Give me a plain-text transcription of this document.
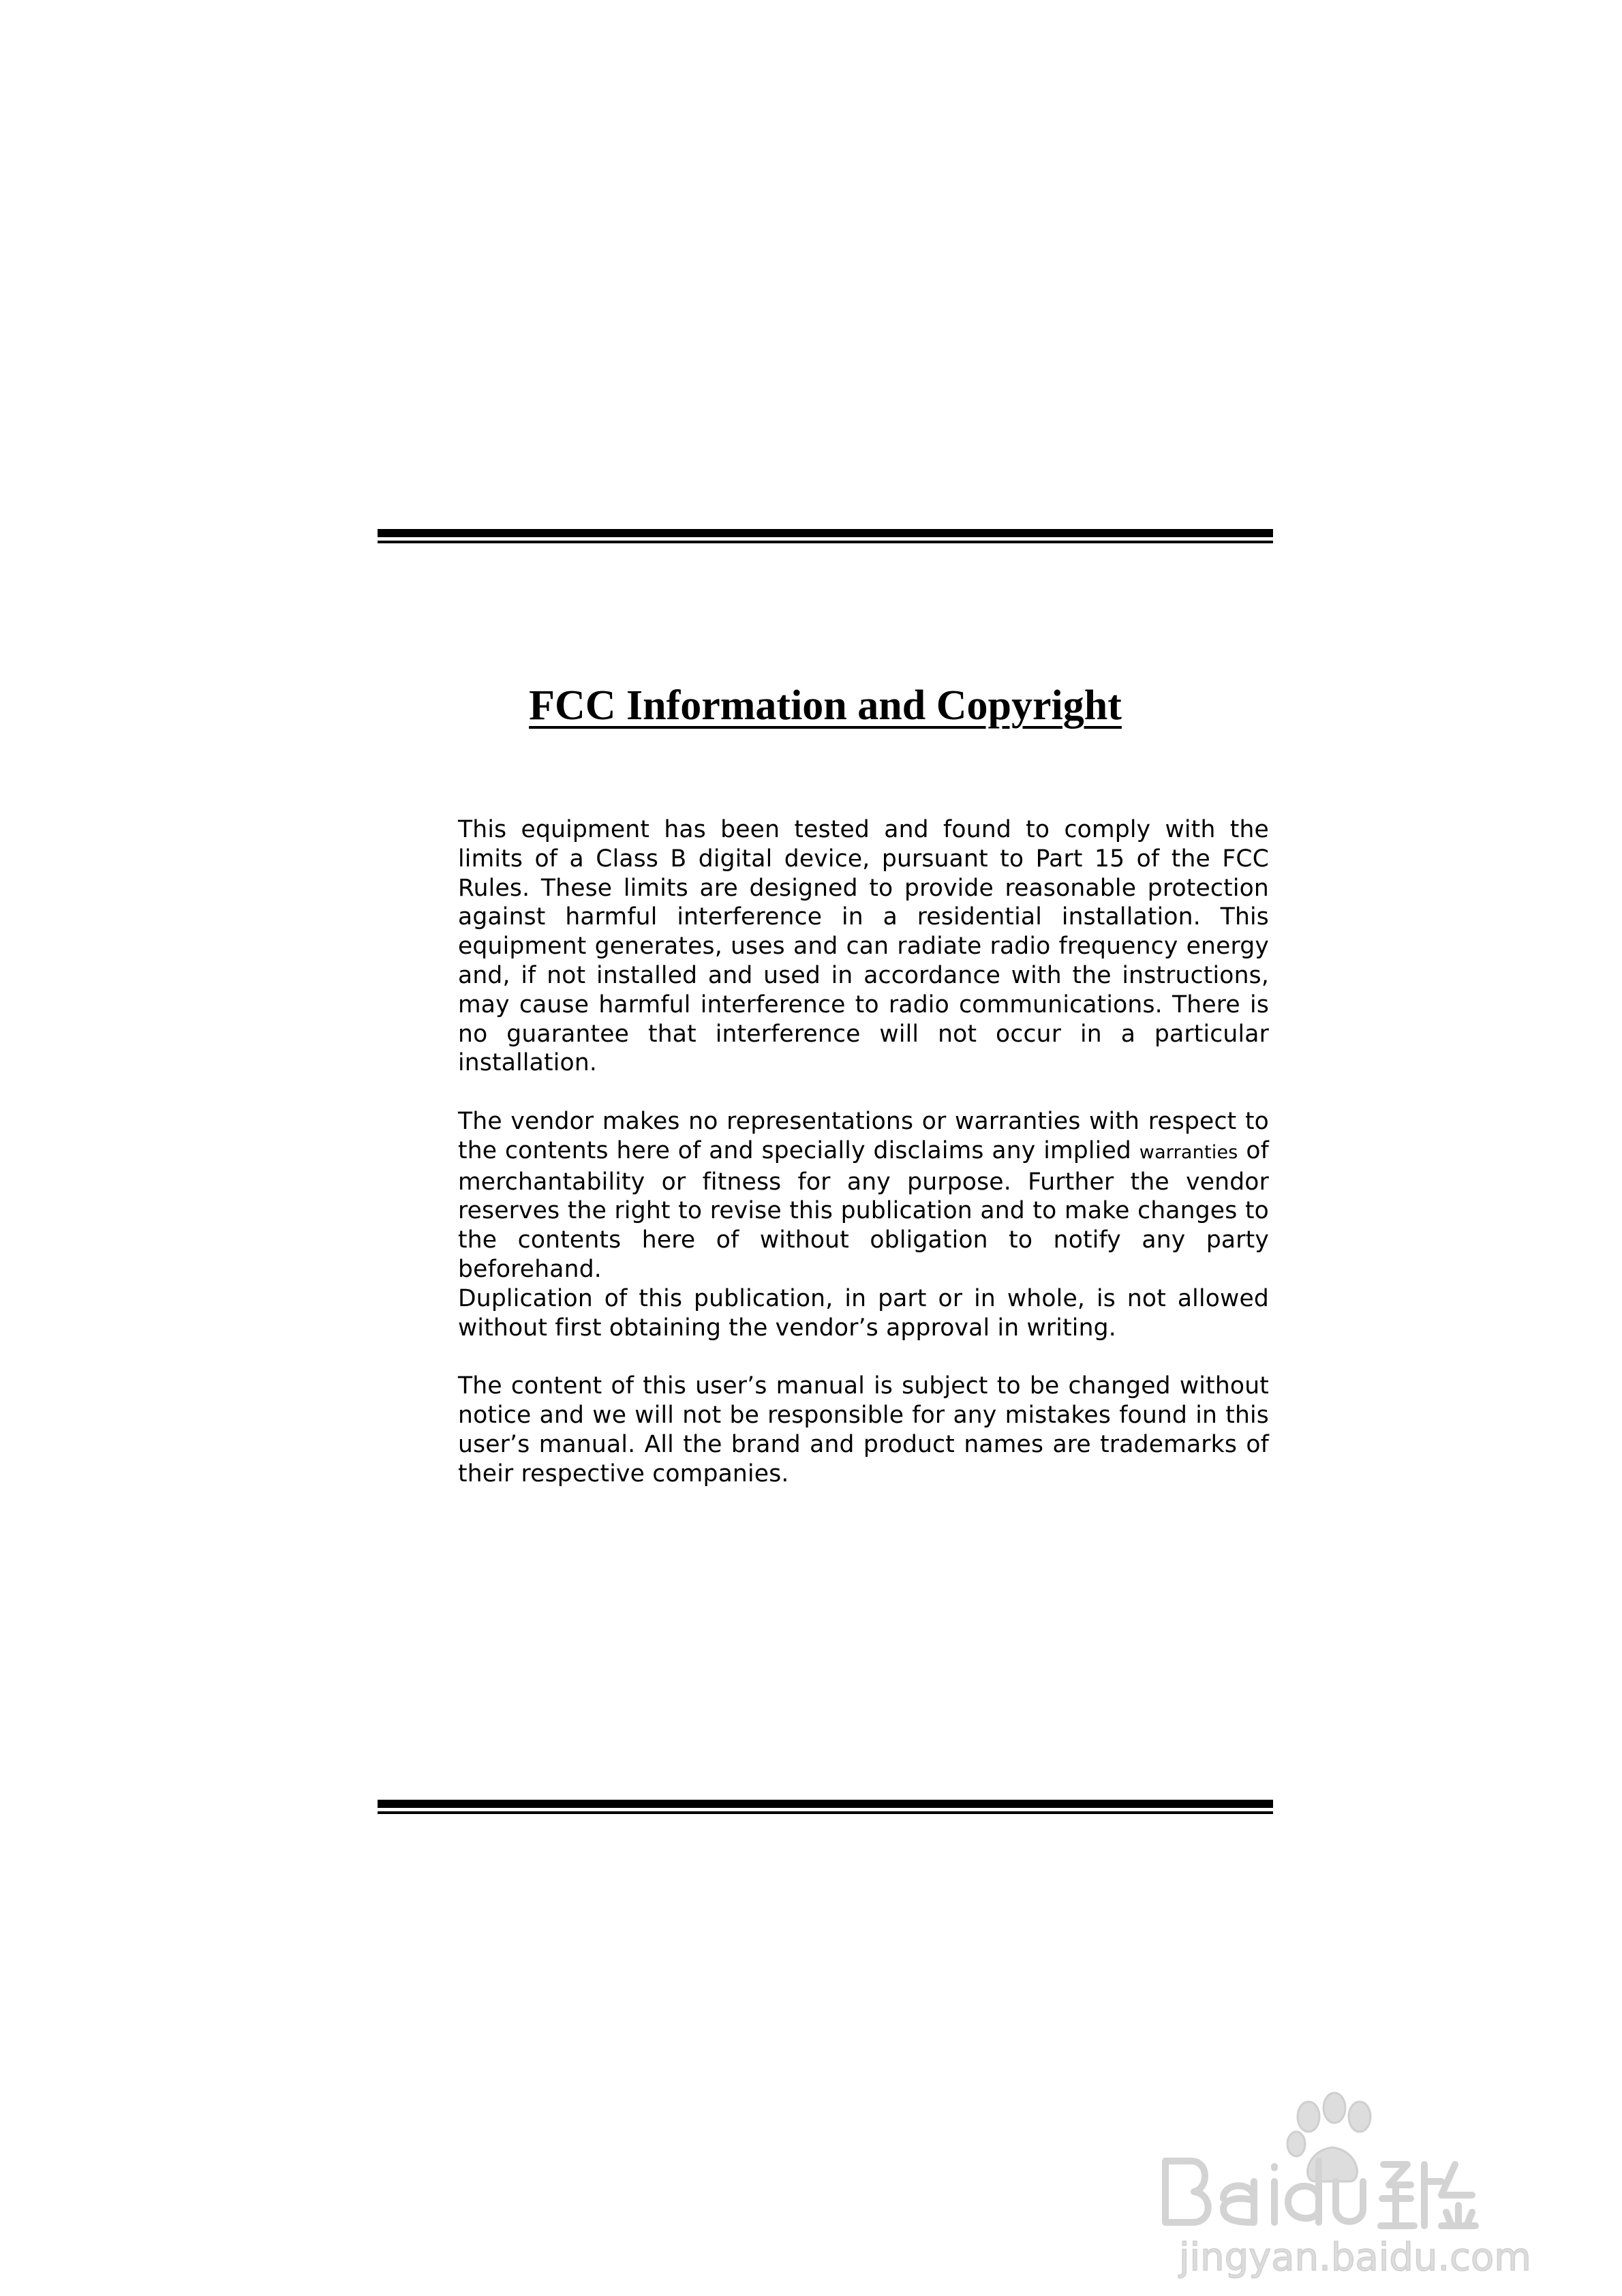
FCC Information and Copyright

This equipment has been tested and found to comply with the limits of a Class B digital device, pursuant to Part 15 of the FCC Rules. These limits are designed to provide reasonable protection against harmful interference in a residential installation. This equipment generates, uses and can radiate radio frequency energy and, if not installed and used in accordance with the instructions, may cause harmful interference to radio communications. There is no guarantee that interference will not occur in a particular installation.

The vendor makes no representations or warranties with respect to the contents here of and specially disclaims any implied warranties of merchantability or fitness for any purpose. Further the vendor reserves the right to revise this publication and to make changes to the contents here of without obligation to notify any party beforehand.

Duplication of this publication, in part or in whole, is not allowed without first obtaining the vendor’s approval in writing.

The content of this user’s manual is subject to be changed without notice and we will not be responsible for any mistakes found in this user’s manual. All the brand and product names are trademarks of their respective companies.

jingyan.baidu.com
